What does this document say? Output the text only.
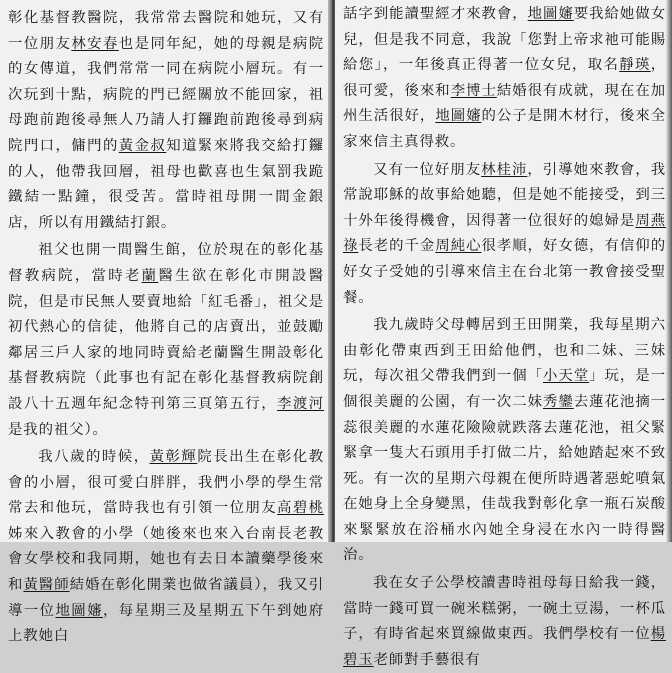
彰化基督教醫院，我常常去醫院和她玩，又有一位朋友林安春也是同年紀，她的母親是病院的女傳道，我們常常一同在病院小層玩。有一次玩到十點，病院的門已經關放不能回家，祖母跑前跑後尋無人乃請人打鑼跑前跑後尋到病院門口，傭門的黃金叔知道緊來將我交給打鑼的人，他帶我回層，祖母也歡喜也生氣罰我跪鐵結一點鐘，很受苦。當時祖母開一間金銀店，所以有用鐵結打銀。

祖父也開一間醫生館，位於現在的彰化基督教病院，當時老蘭醫生欲在彰化市開設醫院，但是市民無人要賣地給「紅毛番」，祖父是初代熱心的信徒，他將自己的店賣出，並鼓勵鄰居三戶人家的地同時賣給老蘭醫生開設彰化基督教病院（此事也有記在彰化基督教病院創設八十五週年紀念特刊第三頁第五行，李渡河是我的祖父）。

我八歲的時候，黃彰輝院長出生在彰化教會的小層，很可愛白胖胖，我們小學的學生常常去和他玩，當時我也有引領一位朋友高碧桃姊來入教會的小學（她後來也來入台南長老教會女學校和我同期，她也有去日本讀藥學後來和黃醫師結婚在彰化開業也做省議員），我又引導一位地圖嬸，每星期三及星期五下午到她府上教她白

話字到能讀聖經才來教會，地圖嬸要我給她做女兒，但是我不同意，我說「您對上帝求祂可能賜給您」，一年後真正得著一位女兒，取名靜瑛，很可愛，後來和李博士結婚很有成就，現在在加州生活很好，地圖嬸的公子是開木材行，後來全家來信主真得救。

又有一位好朋友林桂沛，引導她來教會，我常說耶穌的故事給她聽，但是她不能接受，到三十外年後得機會，因得著一位很好的媳婦是周燕祿長老的千金周純心很孝順，好女德，有信仰的好女子受她的引導來信主在台北第一教會接受聖餐。

我九歲時父母轉居到王田開業，我每星期六由彰化帶東西到王田給他們，也和二妹、三妹玩，每次祖父帶我們到一個「小天堂」玩，是一個很美麗的公園，有一次二妹秀鑾去蓮花池摘一蕊很美麗的水蓮花險險就跌落去蓮花池，祖父緊緊拿一隻大石頭用手打做二片，給她踏起來不致死。有一次的星期六母親在便所時遇著惡蛇噴氣在她身上全身變黑，佳哉我對彰化拿一瓶石炭酸來緊緊放在浴桶水內她全身浸在水內一時得醫治。

我在女子公學校讀書時祖母每日給我一錢，當時一錢可買一碗米糕粥，一碗土豆湯，一杯瓜子，有時省起來買線做東西。我們學校有一位楊碧玉老師對手藝很有
